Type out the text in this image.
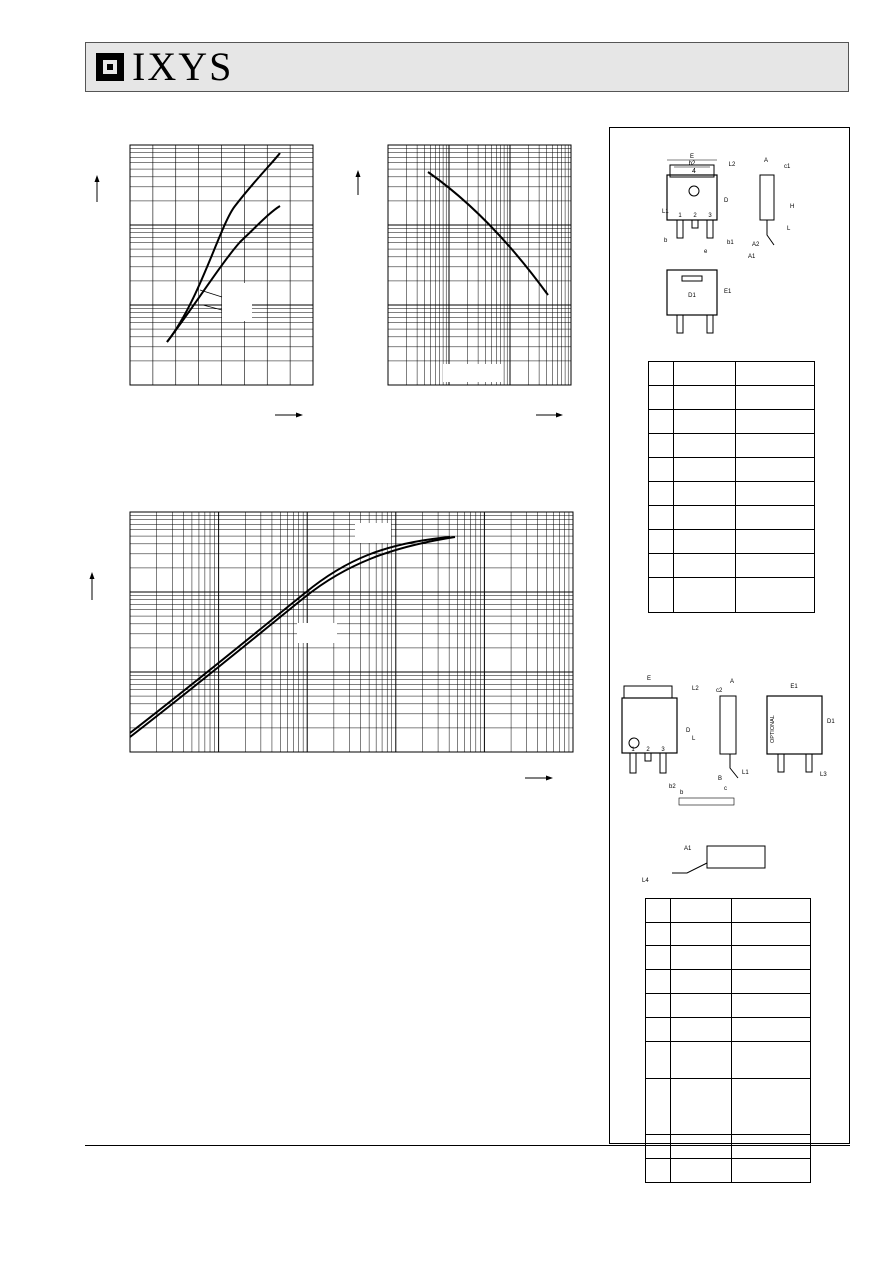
IXYS
4
1 2 3
E
b2	L2
D
L1
b	b1
e
A
c1
H
L
A2
A1
D1
E1

1 2 3
E
L2
D
L
b2
b
A
c2
B
L1
c
OPTIONAL
E1
D1
L3
A1
L4
